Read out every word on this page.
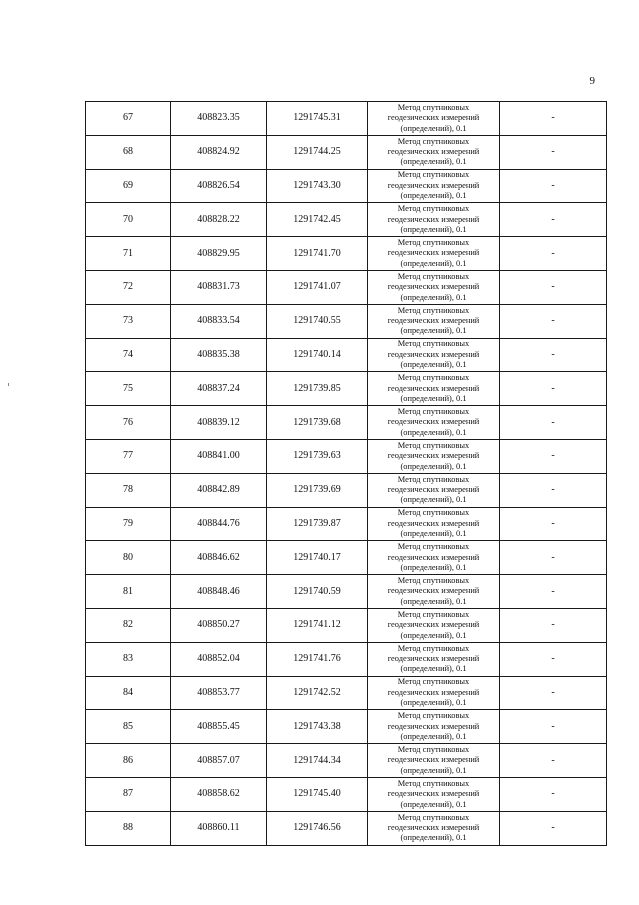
9
67	408823.35	1291745.31	Метод спутниковых
геодезических измерений
(определений), 0.1	-
68	408824.92	1291744.25	Метод спутниковых
геодезических измерений
(определений), 0.1	-
69	408826.54	1291743.30	Метод спутниковых
геодезических измерений
(определений), 0.1	-
70	408828.22	1291742.45	Метод спутниковых
геодезических измерений
(определений), 0.1	-
71	408829.95	1291741.70	Метод спутниковых
геодезических измерений
(определений), 0.1	-
72	408831.73	1291741.07	Метод спутниковых
геодезических измерений
(определений), 0.1	-
73	408833.54	1291740.55	Метод спутниковых
геодезических измерений
(определений), 0.1	-
74	408835.38	1291740.14	Метод спутниковых
геодезических измерений
(определений), 0.1	-
75	408837.24	1291739.85	Метод спутниковых
геодезических измерений
(определений), 0.1	-
76	408839.12	1291739.68	Метод спутниковых
геодезических измерений
(определений), 0.1	-
77	408841.00	1291739.63	Метод спутниковых
геодезических измерений
(определений), 0.1	-
78	408842.89	1291739.69	Метод спутниковых
геодезических измерений
(определений), 0.1	-
79	408844.76	1291739.87	Метод спутниковых
геодезических измерений
(определений), 0.1	-
80	408846.62	1291740.17	Метод спутниковых
геодезических измерений
(определений), 0.1	-
81	408848.46	1291740.59	Метод спутниковых
геодезических измерений
(определений), 0.1	-
82	408850.27	1291741.12	Метод спутниковых
геодезических измерений
(определений), 0.1	-
83	408852.04	1291741.76	Метод спутниковых
геодезических измерений
(определений), 0.1	-
84	408853.77	1291742.52	Метод спутниковых
геодезических измерений
(определений), 0.1	-
85	408855.45	1291743.38	Метод спутниковых
геодезических измерений
(определений), 0.1	-
86	408857.07	1291744.34	Метод спутниковых
геодезических измерений
(определений), 0.1	-
87	408858.62	1291745.40	Метод спутниковых
геодезических измерений
(определений), 0.1	-
88	408860.11	1291746.56	Метод спутниковых
геодезических измерений
(определений), 0.1	-
